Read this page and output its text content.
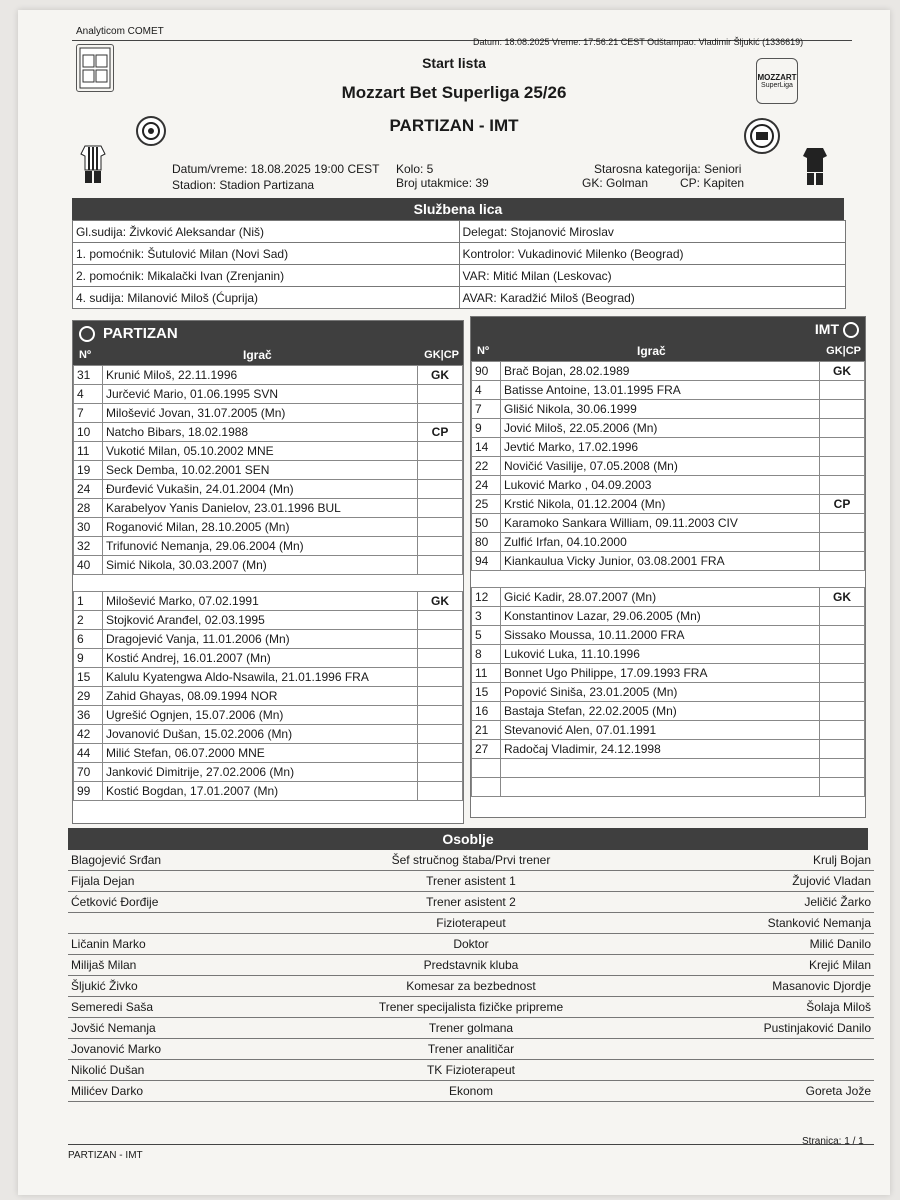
Analyticom COMET
Datum: 18.08.2025 Vreme: 17:56:21 CEST Odštampao: Vladimir Šljukić (1336619)
Start lista
Mozzart Bet Superliga 25/26
PARTIZAN - IMT
MOZZART
SuperLiga
Datum/vreme: 18.08.2025 19:00 CEST Kolo: 5
Stadion: Stadion Partizana	Broj utakmice: 39
Starosna kategorija: Seniori
GK: Golman	CP: Kapiten
Službena lica
Gl.sudija: Živković Aleksandar (Niš)	Delegat: Stojanović Miroslav
1. pomoćnik: Šutulović Milan (Novi Sad)	Kontrolor: Vukadinović Milenko (Beograd)
2. pomoćnik: Mikalački Ivan (Zrenjanin)	VAR: Mitić Milan (Leskovac)
4. sudija: Milanović Miloš (Ćuprija)	AVAR: Karadžić Miloš (Beograd)
PARTIZAN
Nº	Igrač	GK|CP
31	Krunić Miloš, 22.11.1996	GK
4	Jurčević Mario, 01.06.1995 SVN	
7	Milošević Jovan, 31.07.2005 (Mn)	
10	Natcho Bibars, 18.02.1988	CP
11	Vukotić Milan, 05.10.2002 MNE	
19	Seck Demba, 10.02.2001 SEN	
24	Đurđević Vukašin, 24.01.2004 (Mn)	
28	Karabelyov Yanis Danielov, 23.01.1996 BUL	
30	Roganović Milan, 28.10.2005 (Mn)	
32	Trifunović Nemanja, 29.06.2004 (Mn)	
40	Simić Nikola, 30.03.2007 (Mn)	
1	Milošević Marko, 07.02.1991	GK
2	Stojković Aranđel, 02.03.1995	
6	Dragojević Vanja, 11.01.2006 (Mn)	
9	Kostić Andrej, 16.01.2007 (Mn)	
15	Kalulu Kyatengwa Aldo-Nsawila, 21.01.1996 FRA	
29	Zahid Ghayas, 08.09.1994 NOR	
36	Ugrešić Ognjen, 15.07.2006 (Mn)	
42	Jovanović Dušan, 15.02.2006 (Mn)	
44	Milić Stefan, 06.07.2000 MNE	
70	Janković Dimitrije, 27.02.2006 (Mn)	
99	Kostić Bogdan, 17.01.2007 (Mn)	
IMT
Nº	Igrač	GK|CP
90	Brač Bojan, 28.02.1989	GK
4	Batisse Antoine, 13.01.1995 FRA	
7	Glišić Nikola, 30.06.1999	
9	Jović Miloš, 22.05.2006 (Mn)	
14	Jevtić Marko, 17.02.1996	
22	Novičić Vasilije, 07.05.2008 (Mn)	
24	Luković Marko , 04.09.2003	
25	Krstić Nikola, 01.12.2004 (Mn)	CP
50	Karamoko Sankara William, 09.11.2003 CIV	
80	Zulfić Irfan, 04.10.2000	
94	Kiankaulua Vicky Junior, 03.08.2001 FRA	
12	Gicić Kadir, 28.07.2007 (Mn)	GK
3	Konstantinov Lazar, 29.06.2005 (Mn)	
5	Sissako Moussa, 10.11.2000 FRA	
8	Luković Luka, 11.10.1996	
11	Bonnet Ugo Philippe, 17.09.1993 FRA	
15	Popović Siniša, 23.01.2005 (Mn)	
16	Bastaja Stefan, 22.02.2005 (Mn)	
21	Stevanović Alen, 07.01.1991	
27	Radočaj Vladimir, 24.12.1998	

Osoblje
Blagojević Srđan	Šef stručnog štaba/Prvi trener	Krulj Bojan
Fijala Dejan	Trener asistent 1	Žujović Vladan
Ćetković Đorđije	Trener asistent 2	Jeličić Žarko
	Fizioterapeut	Stanković Nemanja
Ličanin Marko	Doktor	Milić Danilo
Milijaš Milan	Predstavnik kluba	Krejić Milan
Šljukić Živko	Komesar za bezbednost	Masanovic Djordje
Semeredi Saša	Trener specijalista fizičke pripreme	Šolaja Miloš
Jovšić Nemanja	Trener golmana	Pustinjaković Danilo
Jovanović Marko	Trener analitičar	
Nikolić Dušan	TK Fizioterapeut	
Milićev Darko	Ekonom	Goreta Jože
PARTIZAN - IMT
Stranica: 1 / 1
